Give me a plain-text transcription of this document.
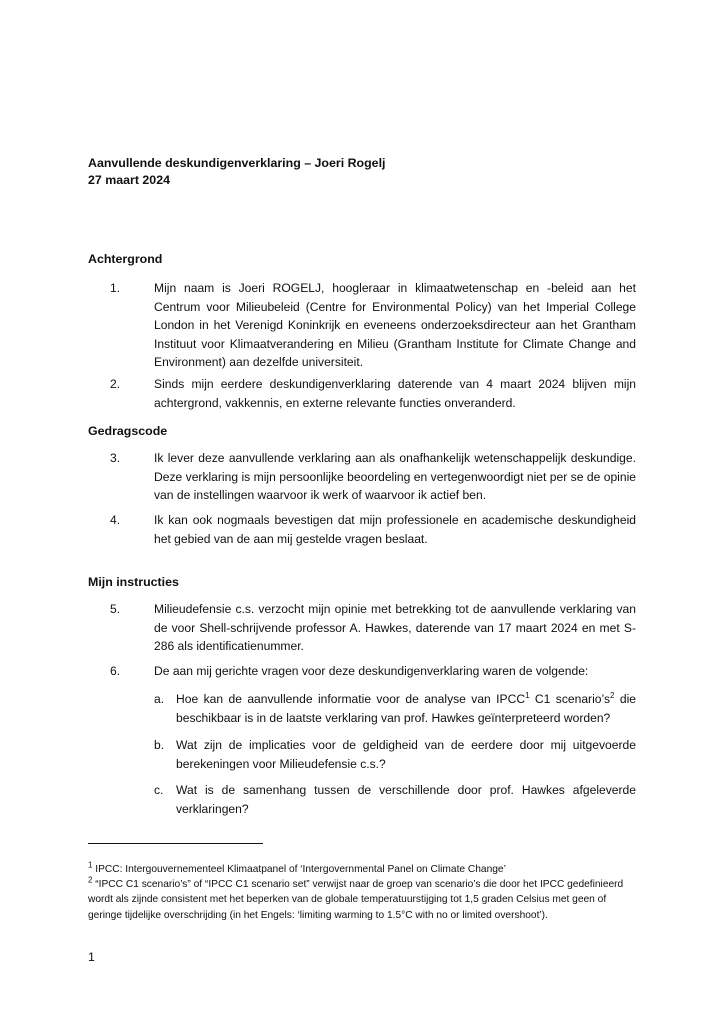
Aanvullende deskundigenverklaring – Joeri Rogelj
27 maart 2024
Achtergrond
1.	Mijn naam is Joeri ROGELJ, hoogleraar in klimaatwetenschap en -beleid aan het Centrum voor Milieubeleid (Centre for Environmental Policy) van het Imperial College London in het Verenigd Koninkrijk en eveneens onderzoeksdirecteur aan het Grantham Instituut voor Klimaatverandering en Milieu (Grantham Institute for Climate Change and Environment) aan dezelfde universiteit.
2.	Sinds mijn eerdere deskundigenverklaring daterende van 4 maart 2024 blijven mijn achtergrond, vakkennis, en externe relevante functies onveranderd.
Gedragscode
3.	Ik lever deze aanvullende verklaring aan als onafhankelijk wetenschappelijk deskundige. Deze verklaring is mijn persoonlijke beoordeling en vertegenwoordigt niet per se de opinie van de instellingen waarvoor ik werk of waarvoor ik actief ben.
4.	Ik kan ook nogmaals bevestigen dat mijn professionele en academische deskundigheid het gebied van de aan mij gestelde vragen beslaat.
Mijn instructies
5.	Milieudefensie c.s. verzocht mijn opinie met betrekking tot de aanvullende verklaring van de voor Shell-schrijvende professor A. Hawkes, daterende van 17 maart 2024 en met S-286 als identificatienummer.
6.	De aan mij gerichte vragen voor deze deskundigenverklaring waren de volgende:
a. Hoe kan de aanvullende informatie voor de analyse van IPCC$^1$ C1 $scenario’s^2$ die beschikbaar is in de laatste verklaring van prof. Hawkes geïnterpreteerd worden?
b. Wat zijn de implicaties voor de geldigheid van de eerdere door mij uitgevoerde berekeningen voor Milieudefensie c.s.?
c. Wat is de samenhang tussen de verschillende door prof. Hawkes afgeleverde verklaringen?
$^1$ IPCC: Intergouvernementeel Klimaatpanel of ‘Intergovernmental Panel on Climate Change’
$^2$ “IPCC C1 scenario’s” of “IPCC C1 scenario set” verwijst naar de groep van scenario’s die door het IPCC gedefinieerd wordt als zijnde consistent met het beperken van de globale temperatuurstijging tot 1,5 graden Celsius met geen of geringe tijdelijke overschrijding (in het Engels: ‘limiting warming to 1.5°C with no or limited overshoot’).
1
